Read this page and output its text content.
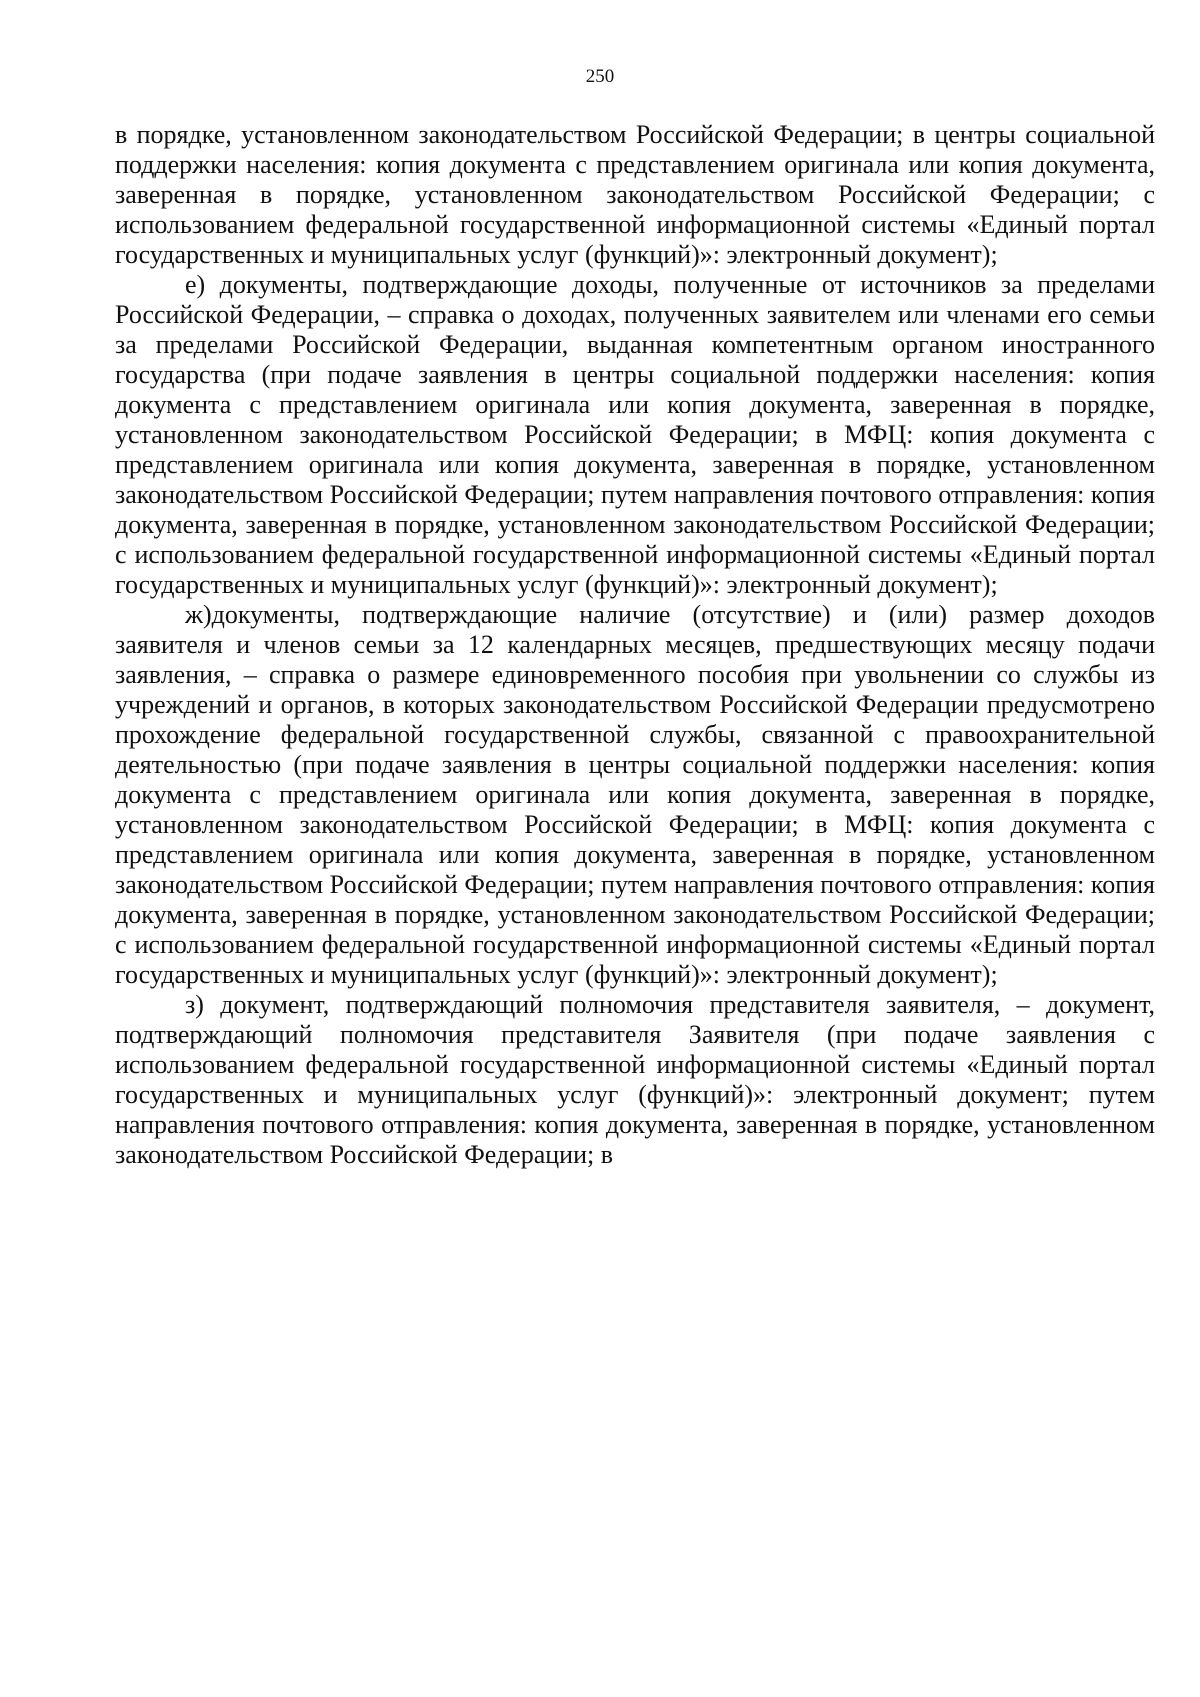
250

в порядке, установленном законодательством Российской Федерации; в центры социальной поддержки населения: копия документа с представлением оригинала или копия документа, заверенная в порядке, установленном законодательством Российской Федерации; с использованием федеральной государственной информационной системы «Единый портал государственных и муниципальных услуг (функций)»: электронный документ);

е) документы, подтверждающие доходы, полученные от источников за пределами Российской Федерации, – справка о доходах, полученных заявителем или членами его семьи за пределами Российской Федерации, выданная компетентным органом иностранного государства (при подаче заявления в центры социальной поддержки населения: копия документа с представлением оригинала или копия документа, заверенная в порядке, установленном законодательством Российской Федерации; в МФЦ: копия документа с представлением оригинала или копия документа, заверенная в порядке, установленном законодательством Российской Федерации; путем направления почтового отправления: копия документа, заверенная в порядке, установленном законодательством Российской Федерации; с использованием федеральной государственной информационной системы «Единый портал государственных и муниципальных услуг (функций)»: электронный документ);

ж)документы, подтверждающие наличие (отсутствие) и (или) размер доходов заявителя и членов семьи за 12 календарных месяцев, предшествующих месяцу подачи заявления, – справка о размере единовременного пособия при увольнении со службы из учреждений и органов, в которых законодательством Российской Федерации предусмотрено прохождение федеральной государственной службы, связанной с правоохранительной деятельностью (при подаче заявления в центры социальной поддержки населения: копия документа с представлением оригинала или копия документа, заверенная в порядке, установленном законодательством Российской Федерации; в МФЦ: копия документа с представлением оригинала или копия документа, заверенная в порядке, установленном законодательством Российской Федерации; путем направления почтового отправления: копия документа, заверенная в порядке, установленном законодательством Российской Федерации; с использованием федеральной государственной информационной системы «Единый портал государственных и муниципальных услуг (функций)»: электронный документ);

з) документ, подтверждающий полномочия представителя заявителя, – документ, подтверждающий полномочия представителя Заявителя (при подаче заявления с использованием федеральной государственной информационной системы «Единый портал государственных и муниципальных услуг (функций)»: электронный документ; путем направления почтового отправления: копия документа, заверенная в порядке, установленном законодательством Российской Федерации; в
